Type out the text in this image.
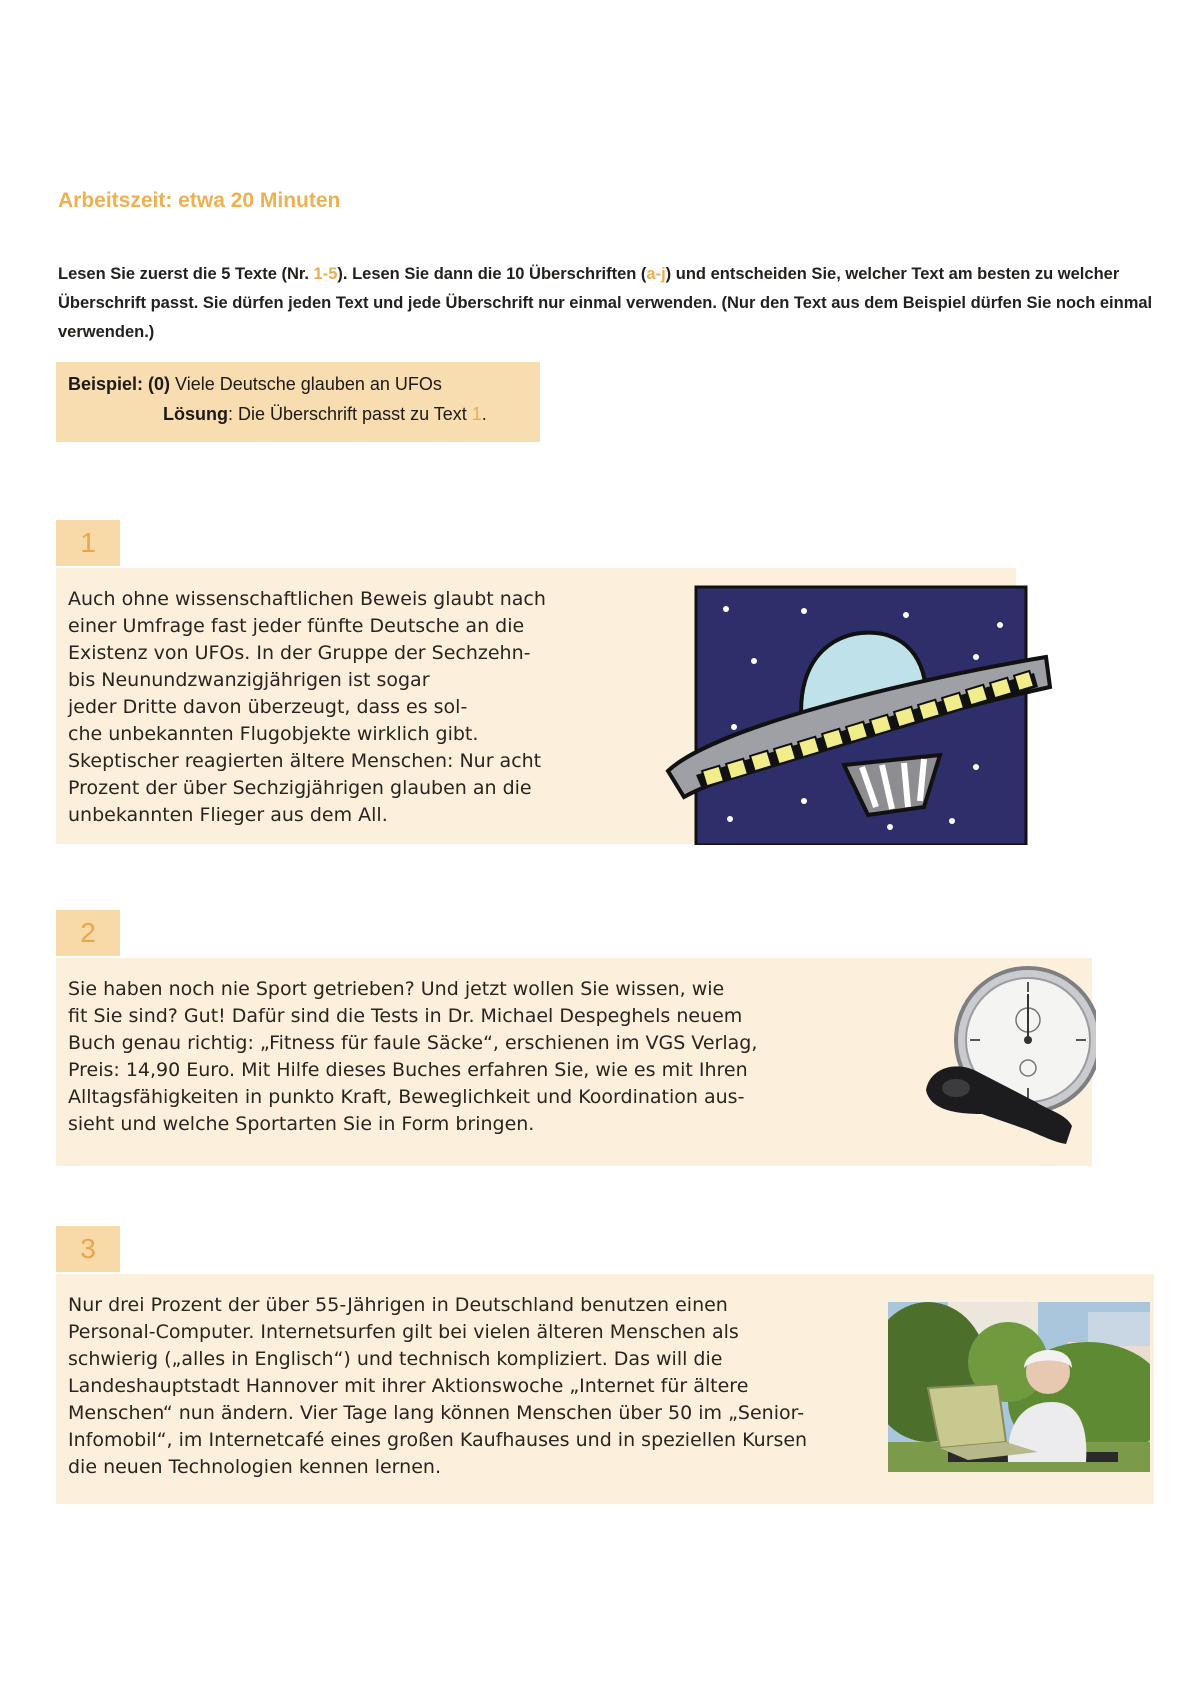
Arbeitszeit: etwa 20 Minuten
Lesen Sie zuerst die 5 Texte (Nr. 1-5). Lesen Sie dann die 10 Überschriften (a-j) und entscheiden Sie, welcher Text am besten zu welcher Überschrift passt. Sie dürfen jeden Text und jede Überschrift nur einmal verwenden. (Nur den Text aus dem Beispiel dürfen Sie noch einmal verwenden.)
Beispiel: (0) Viele Deutsche glauben an UFOs
Lösung: Die Überschrift passt zu Text 1.
1
Auch ohne wissenschaftlichen Beweis glaubt nach
einer Umfrage fast jeder fünfte Deutsche an die
Existenz von UFOs. In der Gruppe der Sechzehn-
bis Neunundzwanzigjährigen ist sogar
jeder Dritte davon überzeugt, dass es sol-
che unbekannten Flugobjekte wirklich gibt.
Skeptischer reagierten ältere Menschen: Nur acht
Prozent der über Sechzigjährigen glauben an die
unbekannten Flieger aus dem All.
2
Sie haben noch nie Sport getrieben? Und jetzt wollen Sie wissen, wie
fit Sie sind? Gut! Dafür sind die Tests in Dr. Michael Despeghels neuem
Buch genau richtig: „Fitness für faule Säcke“, erschienen im VGS Verlag,
Preis: 14,90 Euro. Mit Hilfe dieses Buches erfahren Sie, wie es mit Ihren
Alltagsfähigkeiten in punkto Kraft, Beweglichkeit und Koordination aus-
sieht und welche Sportarten Sie in Form bringen.
3
Nur drei Prozent der über 55-Jährigen in Deutschland benutzen einen
Personal-Computer. Internetsurfen gilt bei vielen älteren Menschen als
schwierig („alles in Englisch“) und technisch kompliziert. Das will die
Landeshauptstadt Hannover mit ihrer Aktionswoche „Internet für ältere
Menschen“ nun ändern. Vier Tage lang können Menschen über 50 im „Senior-
Infomobil“, im Internetcafé eines großen Kaufhauses und in speziellen Kursen
die neuen Technologien kennen lernen.
